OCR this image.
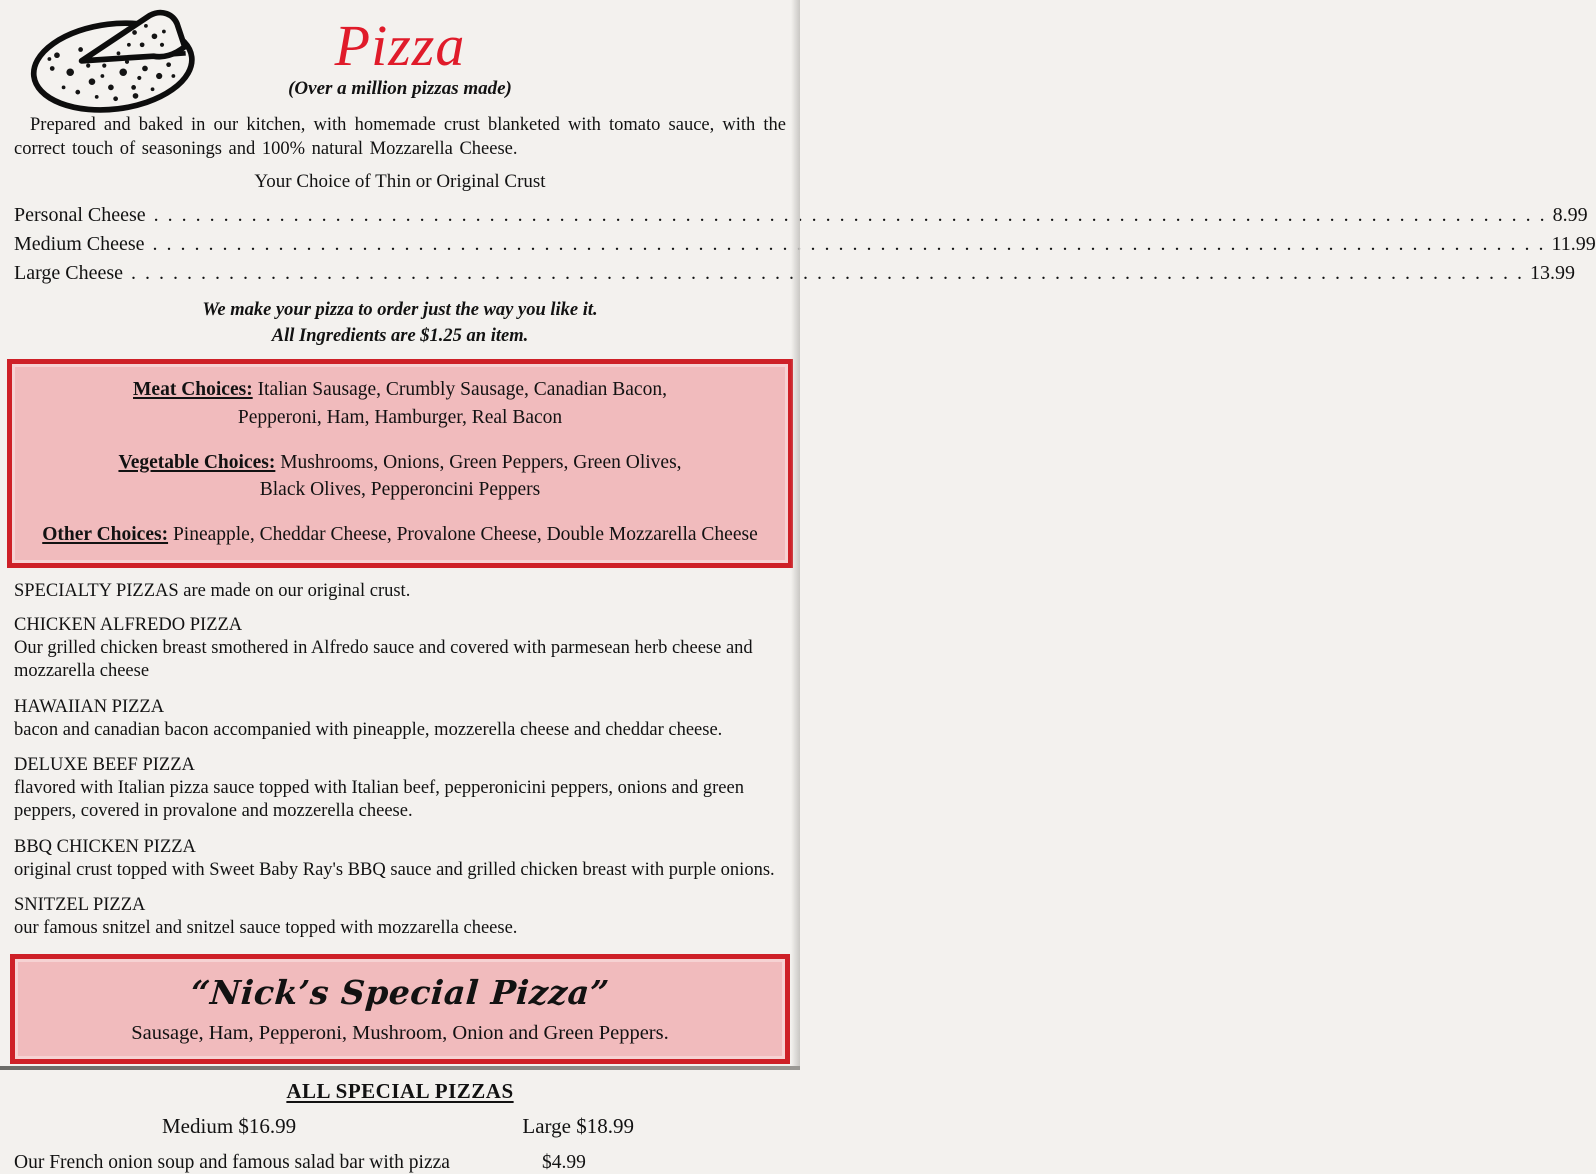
Pizza
(Over a million pizzas made)

Prepared and baked in our kitchen, with homemade crust blanketed with tomato sauce, with the correct touch of seasonings and 100% natural Mozzarella Cheese.

Your Choice of Thin or Original Crust
Personal Cheese . . .	8.99
Medium Cheese . . .	11.99
Large Cheese . . .	13.99
We make your pizza to order just the way you like it.
All Ingredients are $1.25 an item.

Meat Choices: Italian Sausage, Crumbly Sausage, Canadian Bacon, Pepperoni, Ham, Hamburger, Real Bacon

Vegetable Choices: Mushrooms, Onions, Green Peppers, Green Olives, Black Olives, Pepperoncini Peppers

Other Choices: Pineapple, Cheddar Cheese, Provalone Cheese, Double Mozzarella Cheese

SPECIALTY PIZZAS are made on our original crust.

CHICKEN ALFREDO PIZZA
Our grilled chicken breast smothered in Alfredo sauce and covered with parmesean herb cheese and mozzarella cheese
HAWAIIAN PIZZA
bacon and canadian bacon accompanied with pineapple, mozzerella cheese and cheddar cheese.
DELUXE BEEF PIZZA
flavored with Italian pizza sauce topped with Italian beef, pepperonicini peppers, onions and green peppers, covered in provalone and mozzerella cheese.
BBQ CHICKEN PIZZA
original crust topped with Sweet Baby Ray's BBQ sauce and grilled chicken breast with purple onions.
SNITZEL PIZZA
our famous snitzel and snitzel sauce topped with mozzarella cheese.
“Nick’s Special Pizza”
Sausage, Ham, Pepperoni, Mushroom, Onion and Green Peppers.
ALL SPECIAL PIZZAS
Medium $16.99	Large $18.99
Our French onion soup and famous salad bar with pizza	$4.99
